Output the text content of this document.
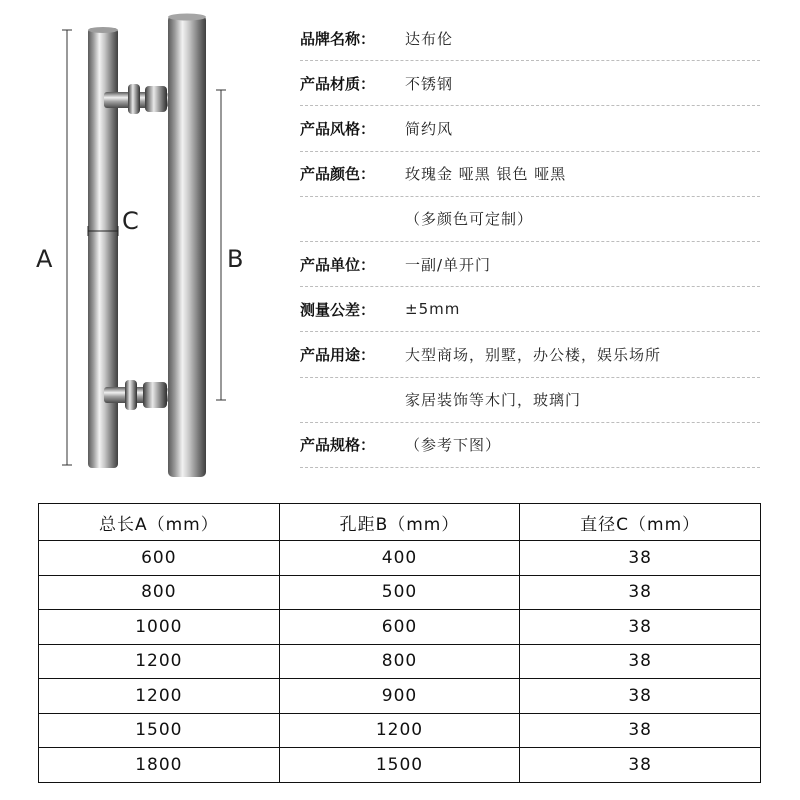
A	B
C
品牌名称：	达布伦
产品材质：	不锈钢
产品风格：	简约风
产品颜色：	玫瑰金 哑黑 银色 哑黑
（多颜色可定制）
产品单位：	一副/单开门
测量公差：	±5mm
产品用途：	大型商场，别墅，办公楼，娱乐场所
家居装饰等木门，玻璃门
产品规格：	（参考下图）
总长A（mm）	孔距B（mm）	直径C（mm）
600	400	38
800	500	38
1000	600	38
1200	800	38
1200	900	38
1500	1200	38
1800	1500	38
